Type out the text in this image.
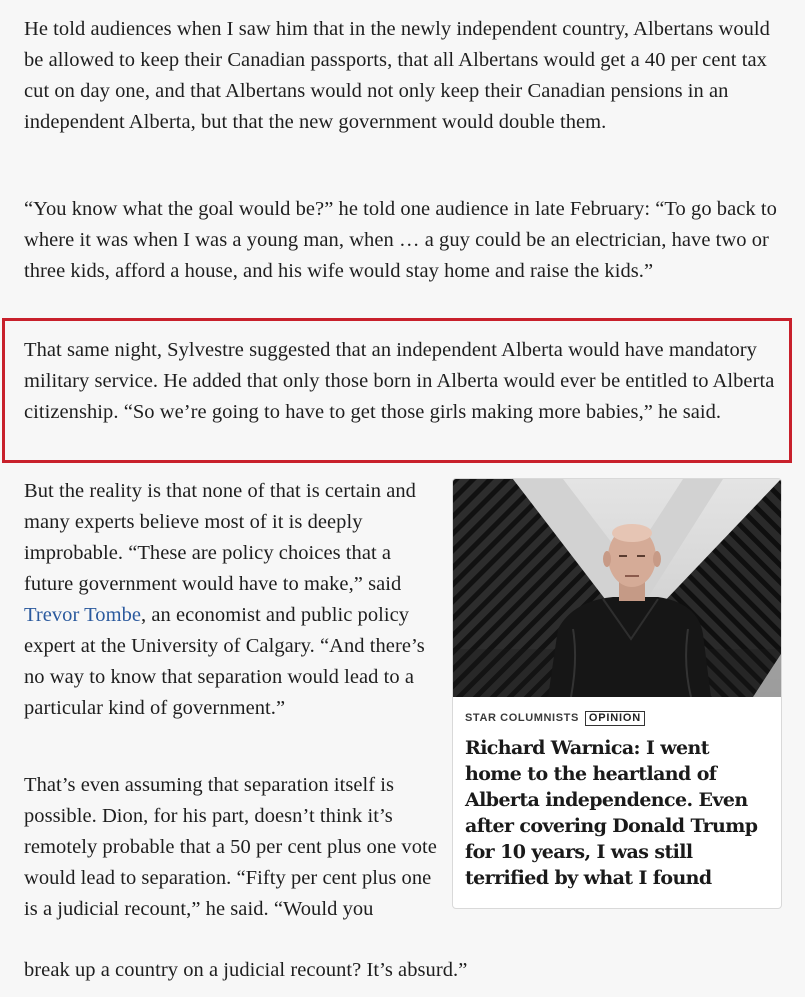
He told audiences when I saw him that in the newly independent country, Albertans would be allowed to keep their Canadian passports, that all Albertans would get a 40 per cent tax cut on day one, and that Albertans would not only keep their Canadian pensions in an independent Alberta, but that the new government would double them.

“You know what the goal would be?” he told one audience in late February: “To go back to where it was when I was a young man, when … a guy could be an electrician, have two or three kids, afford a house, and his wife would stay home and raise the kids.”

That same night, Sylvestre suggested that an independent Alberta would have mandatory military service. He added that only those born in Alberta would ever be entitled to Alberta citizenship. “So we’re going to have to get those girls making more babies,” he said.

But the reality is that none of that is certain and many experts believe most of it is deeply improbable. “These are policy choices that a future government would have to make,” said Trevor Tombe, an economist and public policy expert at the University of Calgary. “And there’s no way to know that separation would lead to a particular kind of government.”

That’s even assuming that separation itself is possible. Dion, for his part, doesn’t think it’s remotely probable that a 50 per cent plus one vote would lead to separation. “Fifty per cent plus one is a judicial recount,” he said. “Would you

break up a country on a judicial recount? It’s absurd.”

STAR COLUMNISTS OPINION

Richard Warnica: I went home to the heartland of Alberta independence. Even after covering Donald Trump for 10 years, I was still terrified by what I found
